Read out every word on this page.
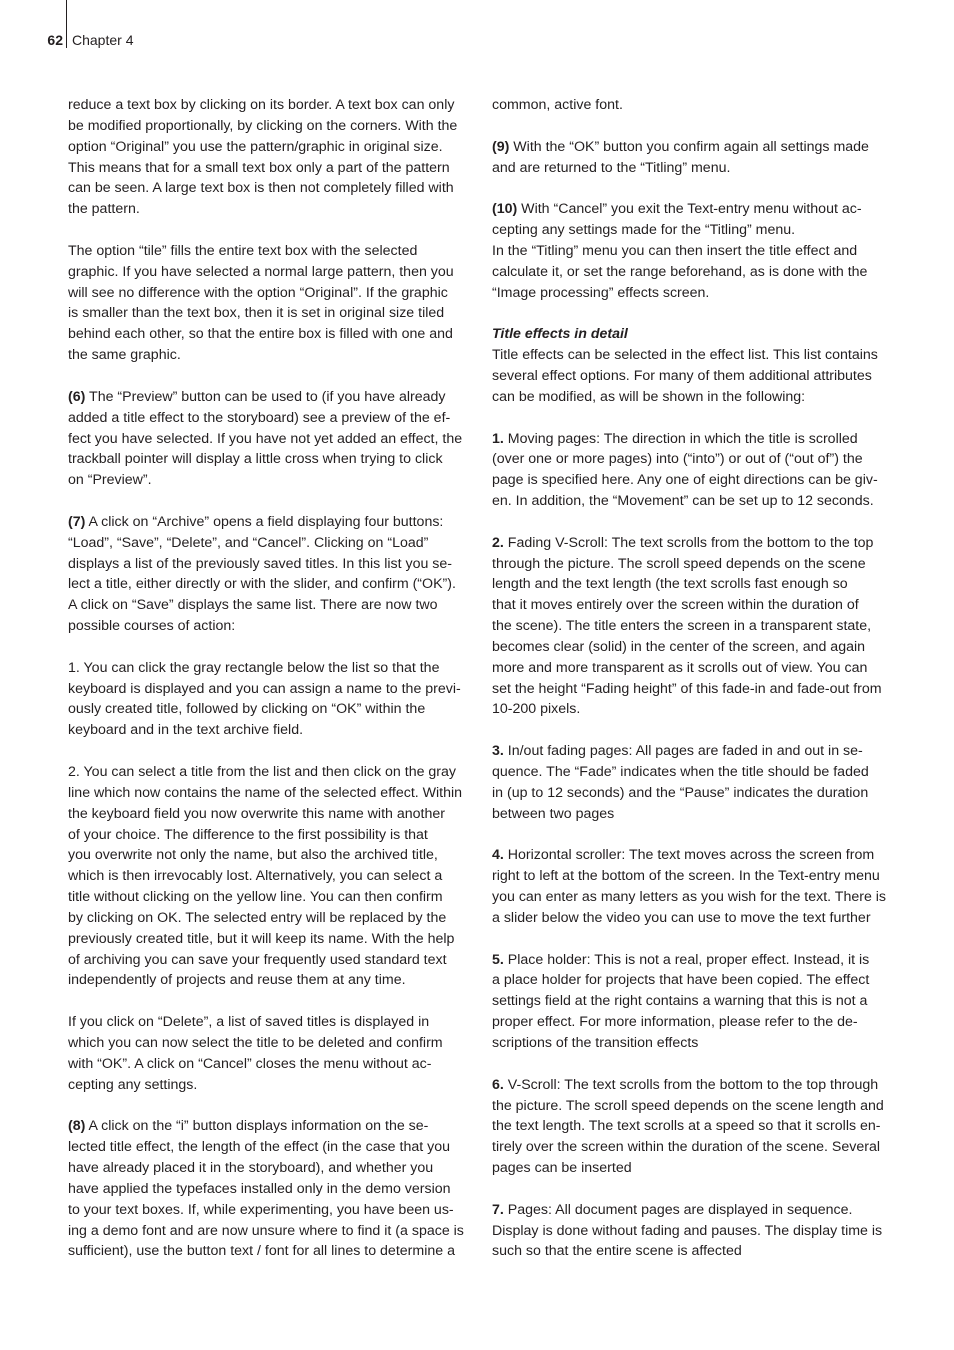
62 Chapter 4
reduce a text box by clicking on its border. A text box can only
be modified proportionally, by clicking on the corners. With the
option “Original” you use the pattern/graphic in original size.
This means that for a small text box only a part of the pattern
can be seen. A large text box is then not completely filled with
the pattern.
The option “tile” fills the entire text box with the selected
graphic. If you have selected a normal large pattern, then you
will see no difference with the option “Original”. If the graphic
is smaller than the text box, then it is set in original size tiled
behind each other, so that the entire box is filled with one and
the same graphic.
(6) The “Preview” button can be used to (if you have already
added a title effect to the storyboard) see a preview of the ef-
fect you have selected. If you have not yet added an effect, the
trackball pointer will display a little cross when trying to click
on “Preview”.
(7) A click on “Archive” opens a field displaying four buttons:
“Load”, “Save”, “Delete”, and “Cancel”. Clicking on “Load”
displays a list of the previously saved titles. In this list you se-
lect a title, either directly or with the slider, and confirm (“OK”).
A click on “Save” displays the same list. There are now two
possible courses of action:
1. You can click the gray rectangle below the list so that the
keyboard is displayed and you can assign a name to the previ-
ously created title, followed by clicking on “OK” within the
keyboard and in the text archive field.
2. You can select a title from the list and then click on the gray
line which now contains the name of the selected effect. Within
the keyboard field you now overwrite this name with another
of your choice. The difference to the first possibility is that
you overwrite not only the name, but also the archived title,
which is then irrevocably lost. Alternatively, you can select a
title without clicking on the yellow line. You can then confirm
by clicking on OK. The selected entry will be replaced by the
previously created title, but it will keep its name. With the help
of archiving you can save your frequently used standard text
independently of projects and reuse them at any time.
If you click on “Delete”, a list of saved titles is displayed in
which you can now select the title to be deleted and confirm
with “OK”. A click on “Cancel” closes the menu without ac-
cepting any settings.
(8) A click on the “i” button displays information on the se-
lected title effect, the length of the effect (in the case that you
have already placed it in the storyboard), and whether you
have applied the typefaces installed only in the demo version
to your text boxes. If, while experimenting, you have been us-
ing a demo font and are now unsure where to find it (a space is
sufficient), use the button text / font for all lines to determine a
common, active font.
(9) With the “OK” button you confirm again all settings made
and are returned to the “Titling” menu.
(10) With “Cancel” you exit the Text-entry menu without ac-
cepting any settings made for the “Titling” menu.
In the “Titling” menu you can then insert the title effect and
calculate it, or set the range beforehand, as is done with the
“Image processing” effects screen.
Title effects in detail
Title effects can be selected in the effect list. This list contains
several effect options. For many of them additional attributes
can be modified, as will be shown in the following:
1. Moving pages: The direction in which the title is scrolled
(over one or more pages) into (“into”) or out of (“out of”) the
page is specified here. Any one of eight directions can be giv-
en. In addition, the “Movement” can be set up to 12 seconds.
2. Fading V-Scroll: The text scrolls from the bottom to the top
through the picture. The scroll speed depends on the scene
length and the text length (the text scrolls fast enough so
that it moves entirely over the screen within the duration of
the scene). The title enters the screen in a transparent state,
becomes clear (solid) in the center of the screen, and again
more and more transparent as it scrolls out of view. You can
set the height “Fading height” of this fade-in and fade-out from
10-200 pixels.
3. In/out fading pages: All pages are faded in and out in se-
quence. The “Fade” indicates when the title should be faded
in (up to 12 seconds) and the “Pause” indicates the duration
between two pages
4. Horizontal scroller: The text moves across the screen from
right to left at the bottom of the screen. In the Text-entry menu
you can enter as many letters as you wish for the text. There is
a slider below the video you can use to move the text further
5. Place holder: This is not a real, proper effect. Instead, it is
a place holder for projects that have been copied. The effect
settings field at the right contains a warning that this is not a
proper effect. For more information, please refer to the de-
scriptions of the transition effects
6. V-Scroll: The text scrolls from the bottom to the top through
the picture. The scroll speed depends on the scene length and
the text length. The text scrolls at a speed so that it scrolls en-
tirely over the screen within the duration of the scene. Several
pages can be inserted
7. Pages: All document pages are displayed in sequence.
Display is done without fading and pauses. The display time is
such so that the entire scene is affected
